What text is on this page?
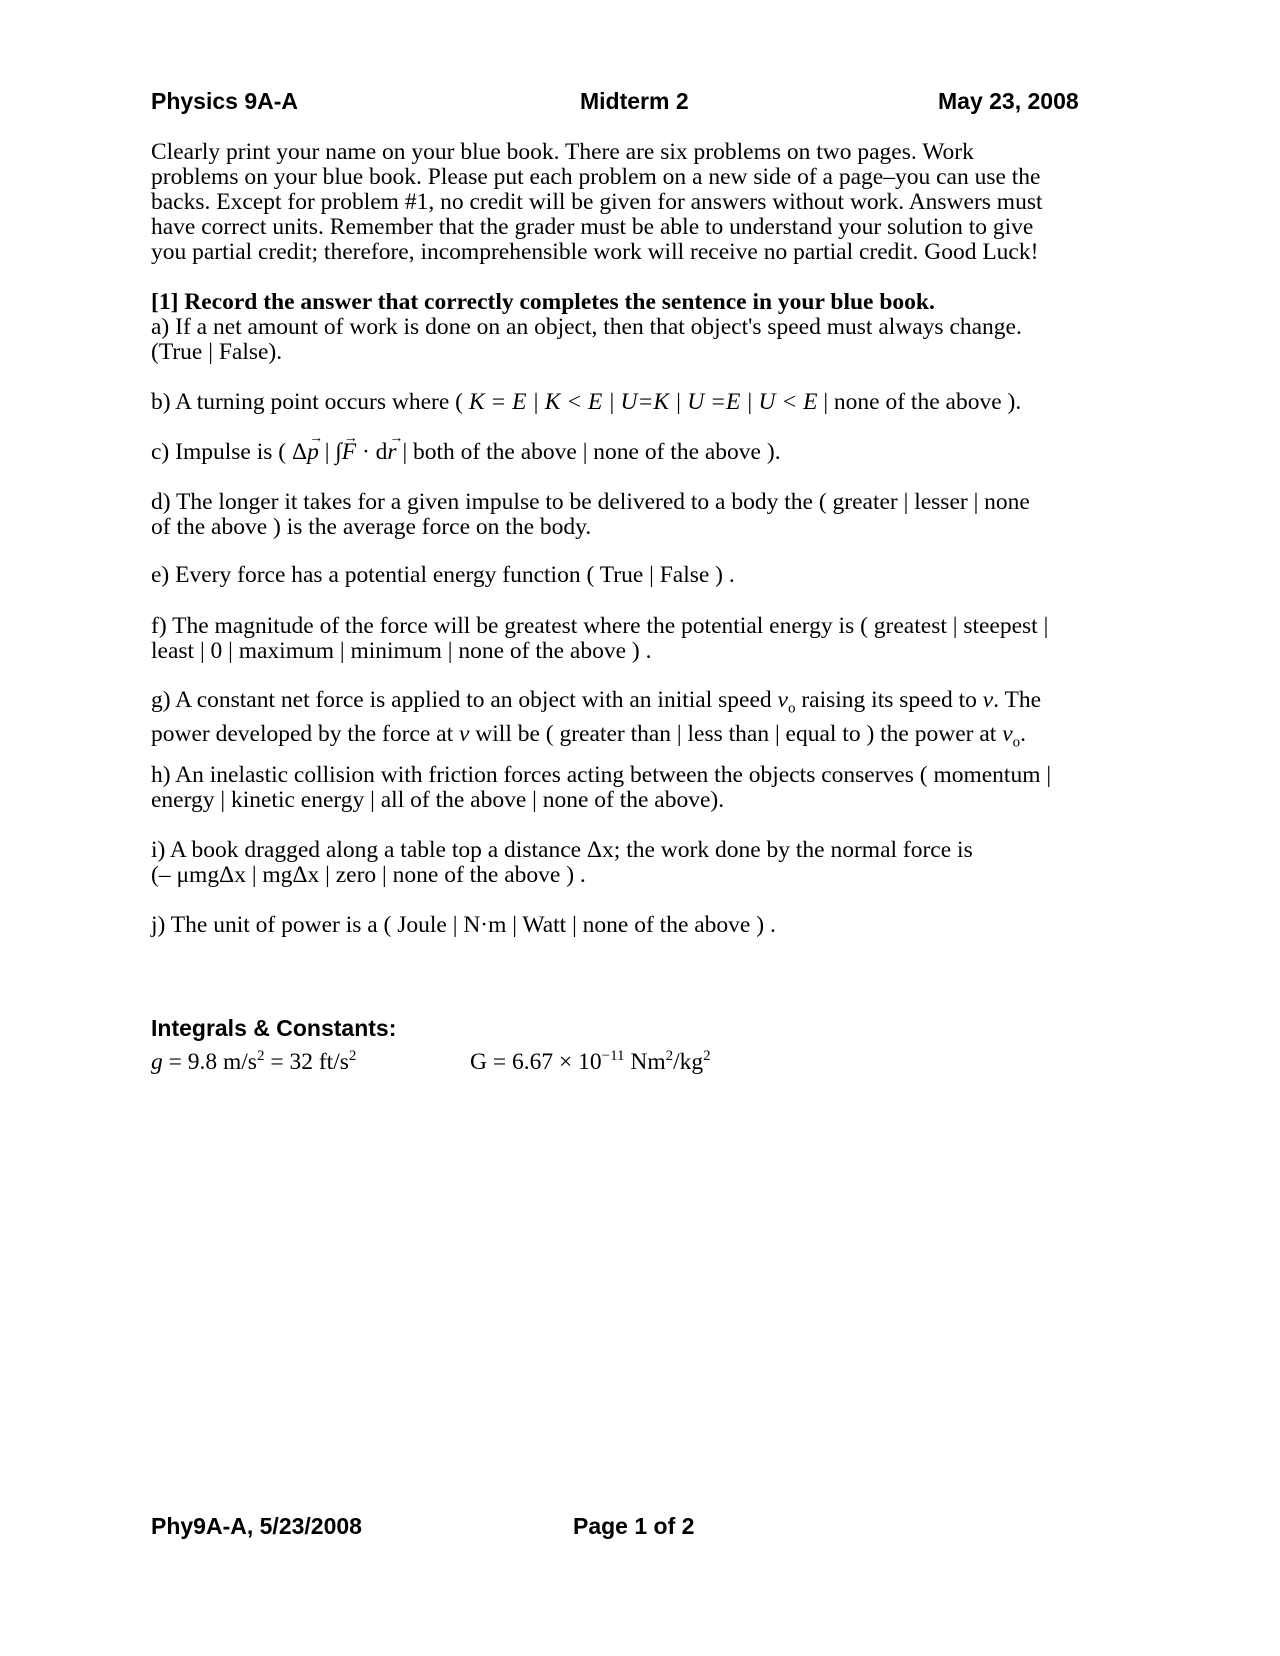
Physics 9A-A	Midterm 2	May 23, 2008
Clearly print your name on your blue book. There are six problems on two pages. Work
problems on your blue book. Please put each problem on a new side of a page–you can use the
backs. Except for problem #1, no credit will be given for answers without work. Answers must
have correct units. Remember that the grader must be able to understand your solution to give
you partial credit; therefore, incomprehensible work will receive no partial credit. Good Luck!
[1] Record the answer that correctly completes the sentence in your blue book.
a) If a net amount of work is done on an object, then that object's speed must always change.
(True | False).
b) A turning point occurs where ( K = E | K < E | U=K | U =E | U < E | none of the above ).
c) Impulse is ( Δ→ p | ∫→ F · d→ r | both of the above | none of the above ).
d) The longer it takes for a given impulse to be delivered to a body the ( greater | lesser | none
of the above ) is the average force on the body.
e) Every force has a potential energy function ( True | False ) .
f) The magnitude of the force will be greatest where the potential energy is ( greatest | steepest |
least | 0 | maximum | minimum | none of the above ) .
g) A constant net force is applied to an object with an initial speed $v_o$ raising its speed to v. The
power developed by the force at v will be ( greater than | less than | equal to ) the power at $v_o$.
h) An inelastic collision with friction forces acting between the objects conserves ( momentum |
energy | kinetic energy | all of the above | none of the above).
i) A book dragged along a table top a distance Δx; the work done by the normal force is
(– μmgΔx | mgΔx | zero | none of the above ) .
j) The unit of power is a ( Joule | N·m | Watt | none of the above ) .
Integrals & Constants:
g = 9.8 $m/s^2 = 32$ $ft/s^2$	$G = 6.67 \times 10^{-11}$ $Nm^2/kg^2$
Phy9A-A, 5/23/2008	Page 1 of 2
